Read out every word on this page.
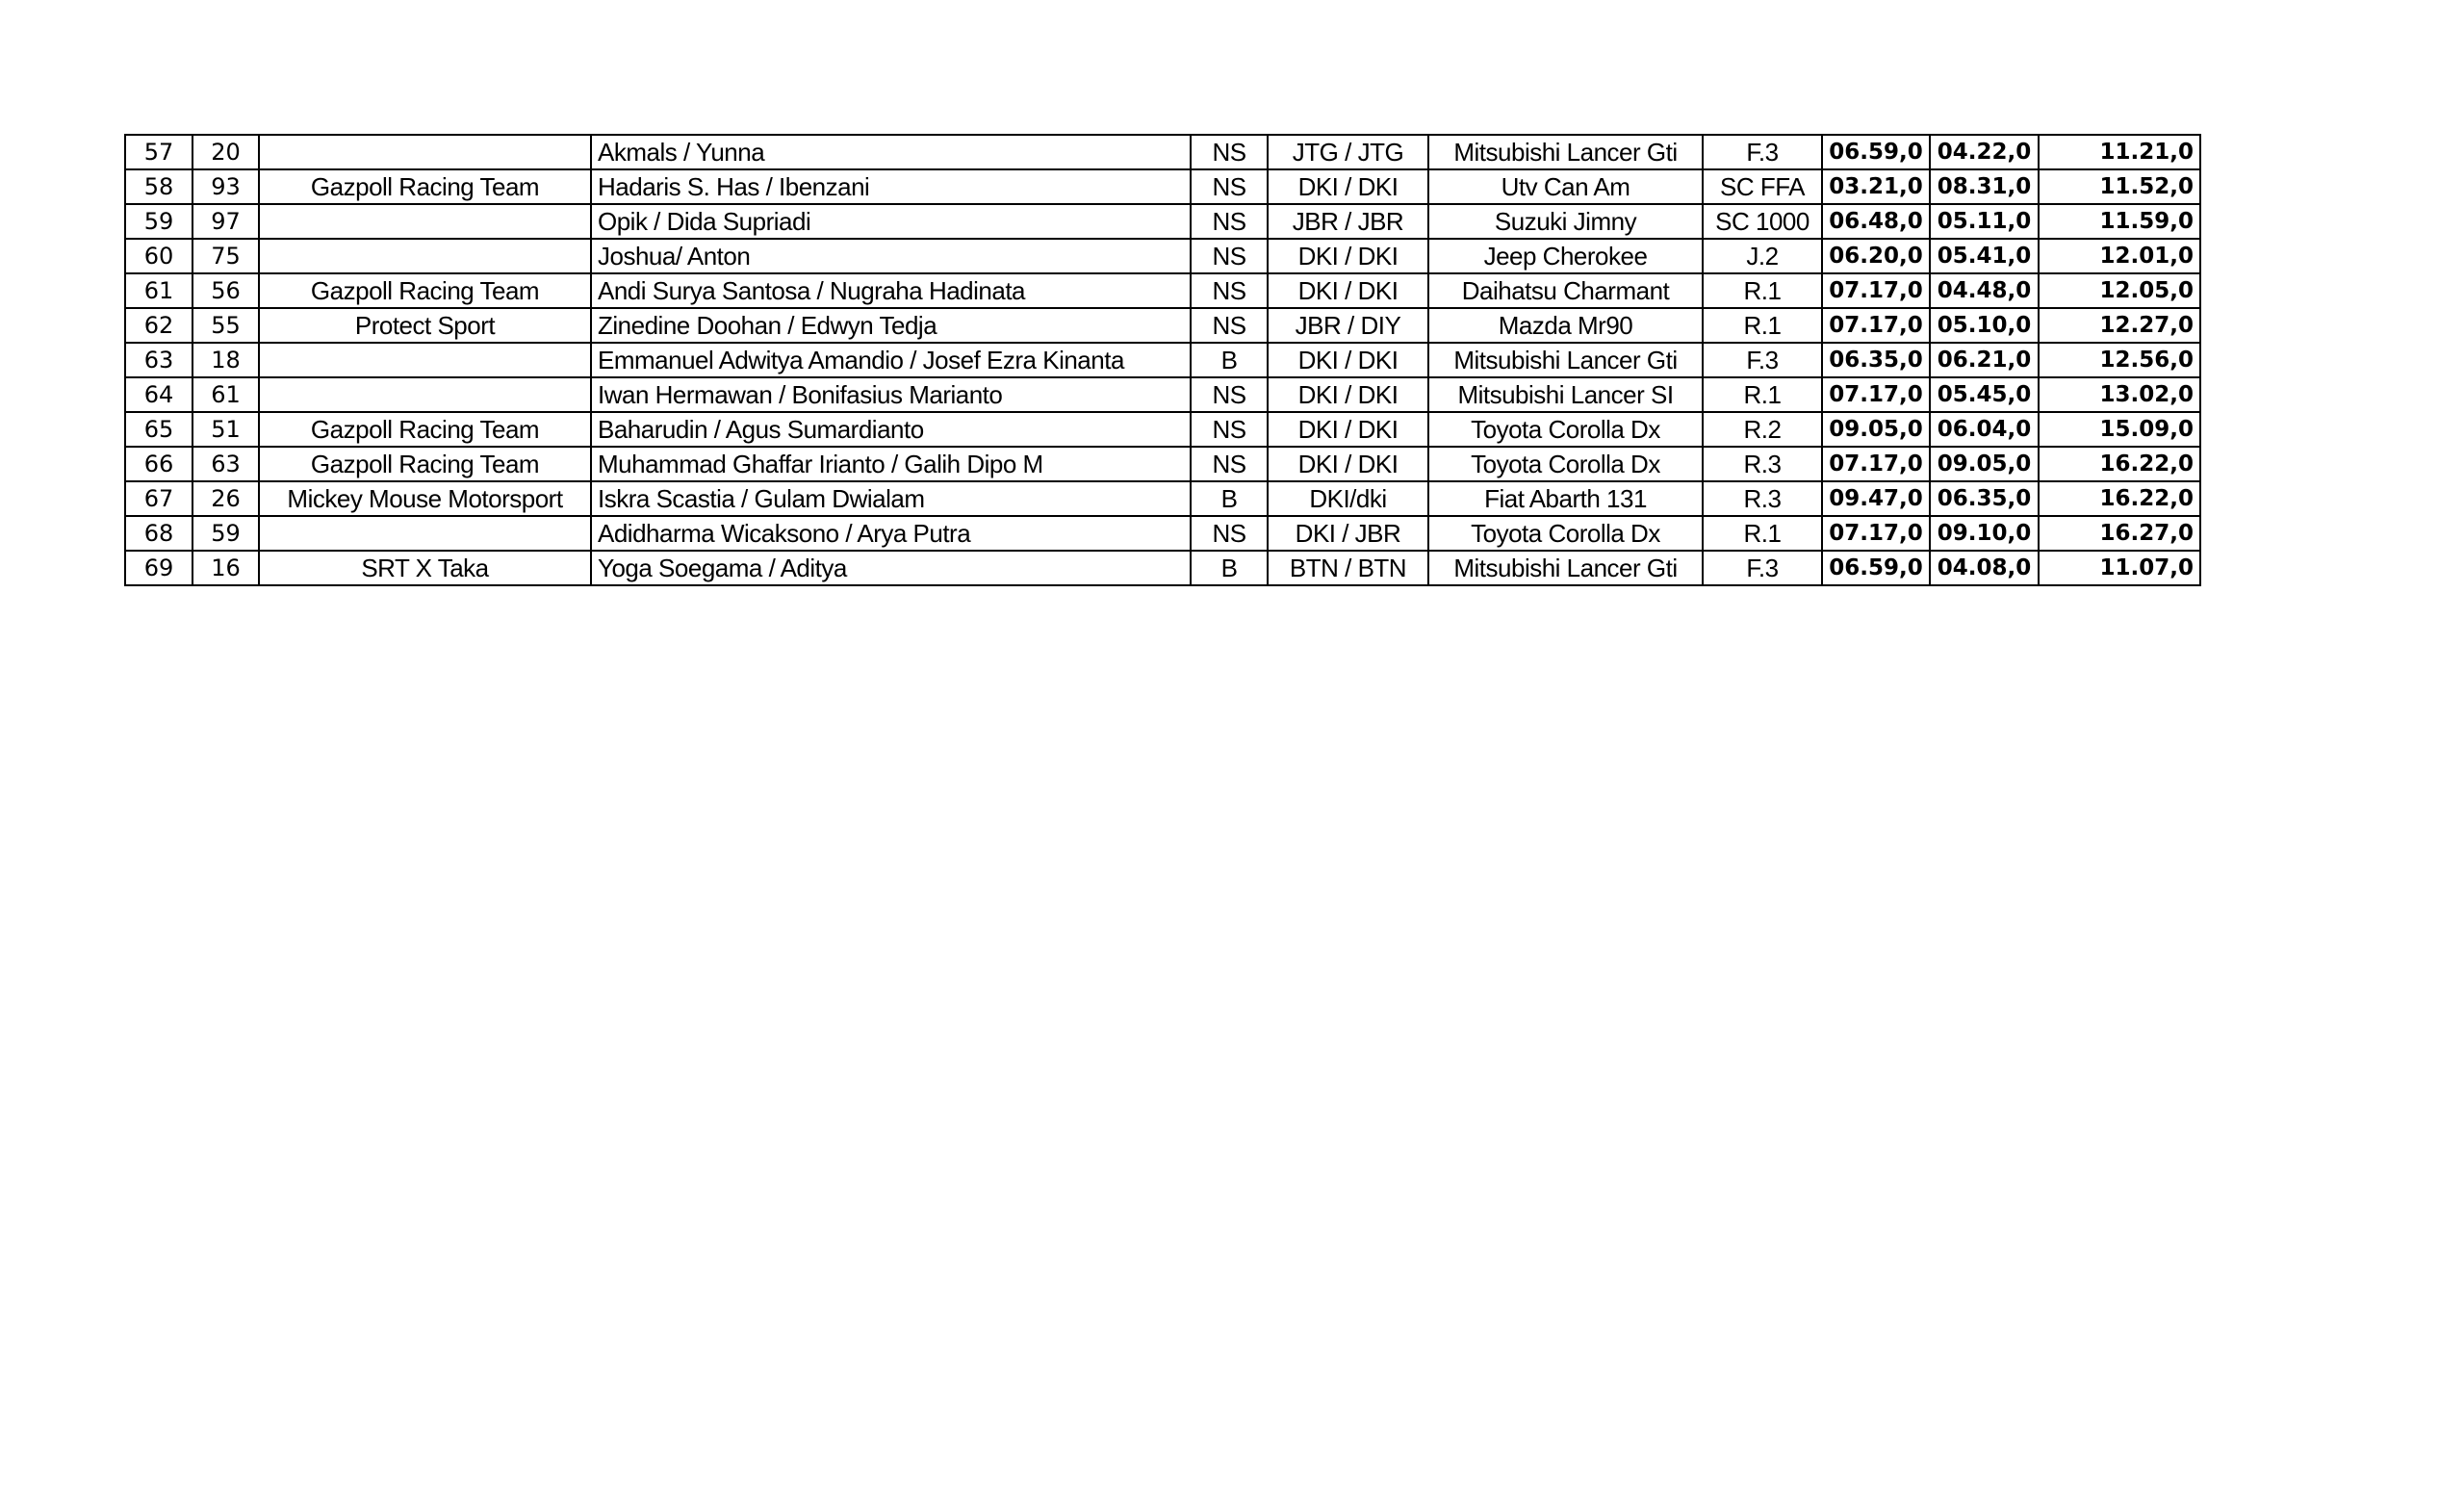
57	20		Akmals / Yunna	NS	JTG / JTG	Mitsubishi Lancer Gti	F.3	06.59,0	04.22,0	11.21,0
58	93	Gazpoll Racing Team	Hadaris S. Has / Ibenzani	NS	DKI / DKI	Utv Can Am	SC FFA	03.21,0	08.31,0	11.52,0
59	97		Opik / Dida Supriadi	NS	JBR / JBR	Suzuki Jimny	SC 1000	06.48,0	05.11,0	11.59,0
60	75		Joshua/ Anton	NS	DKI / DKI	Jeep Cherokee	J.2	06.20,0	05.41,0	12.01,0
61	56	Gazpoll Racing Team	Andi Surya Santosa / Nugraha Hadinata	NS	DKI / DKI	Daihatsu Charmant	R.1	07.17,0	04.48,0	12.05,0
62	55	Protect Sport	Zinedine Doohan / Edwyn Tedja	NS	JBR / DIY	Mazda Mr90	R.1	07.17,0	05.10,0	12.27,0
63	18		Emmanuel Adwitya Amandio / Josef Ezra Kinanta	B	DKI / DKI	Mitsubishi Lancer Gti	F.3	06.35,0	06.21,0	12.56,0
64	61		Iwan Hermawan / Bonifasius Marianto	NS	DKI / DKI	Mitsubishi Lancer SI	R.1	07.17,0	05.45,0	13.02,0
65	51	Gazpoll Racing Team	Baharudin / Agus Sumardianto	NS	DKI / DKI	Toyota Corolla Dx	R.2	09.05,0	06.04,0	15.09,0
66	63	Gazpoll Racing Team	Muhammad Ghaffar Irianto / Galih Dipo M	NS	DKI / DKI	Toyota Corolla Dx	R.3	07.17,0	09.05,0	16.22,0
67	26	Mickey Mouse Motorsport	Iskra Scastia / Gulam Dwialam	B	DKI/dki	Fiat Abarth 131	R.3	09.47,0	06.35,0	16.22,0
68	59		Adidharma Wicaksono / Arya Putra	NS	DKI / JBR	Toyota Corolla Dx	R.1	07.17,0	09.10,0	16.27,0
69	16	SRT X Taka	Yoga Soegama / Aditya	B	BTN / BTN	Mitsubishi Lancer Gti	F.3	06.59,0	04.08,0	11.07,0
